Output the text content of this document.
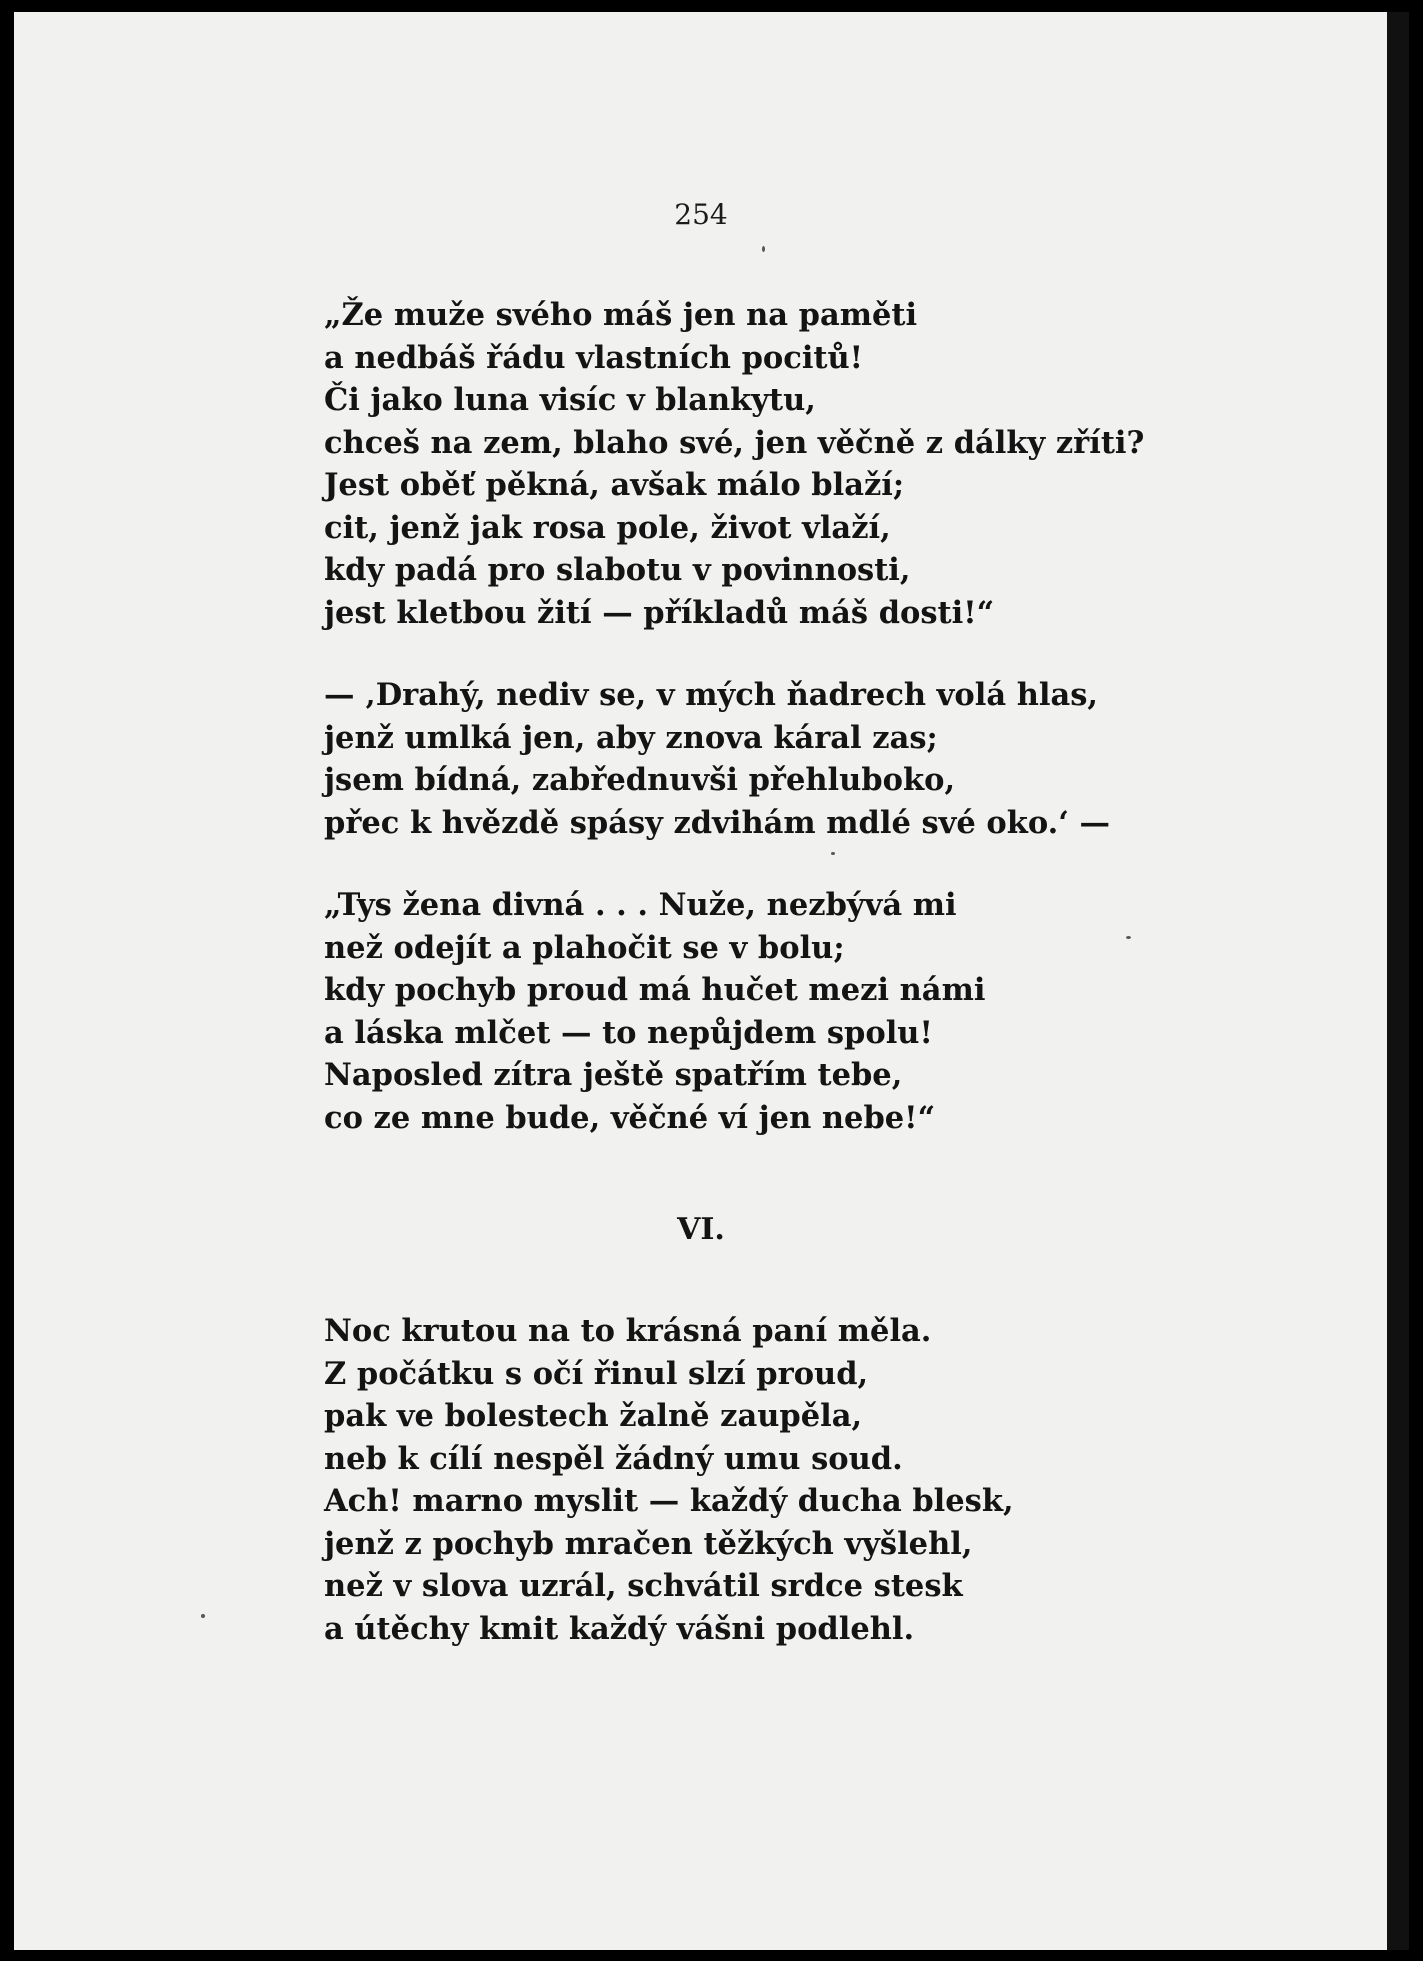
254

„Že muže svého máš jen na paměti
a nedbáš řádu vlastních pocitů!
Či jako luna visíc v blankytu,
chceš na zem, blaho své, jen věčně z dálky zříti?
Jest oběť pěkná, avšak málo blaží;
cit, jenž jak rosa pole, život vlaží,
kdy padá pro slabotu v povinnosti,
jest kletbou žití — příkladů máš dosti!“
— ‚Drahý, nediv se, v mých ňadrech volá hlas,
jenž umlká jen, aby znova káral zas;
jsem bídná, zabřednuvši přehluboko,
přec k hvězdě spásy zdvihám mdlé své oko.‘ —
„Tys žena divná . . . Nuže, nezbývá mi
než odejít a plahočit se v bolu;
kdy pochyb proud má hučet mezi námi
a láska mlčet — to nepůjdem spolu!
Naposled zítra ještě spatřím tebe,
co ze mne bude, věčné ví jen nebe!“
Noc krutou na to krásná paní měla.
Z počátku s očí řinul slzí proud,
pak ve bolestech žalně zaupěla,
neb k cílí nespěl žádný umu soud.
Ach! marno myslit — každý ducha blesk,
jenž z pochyb mračen těžkých vyšlehl,
než v slova uzrál, schvátil srdce stesk
a útěchy kmit každý vášni podlehl.

VI.
